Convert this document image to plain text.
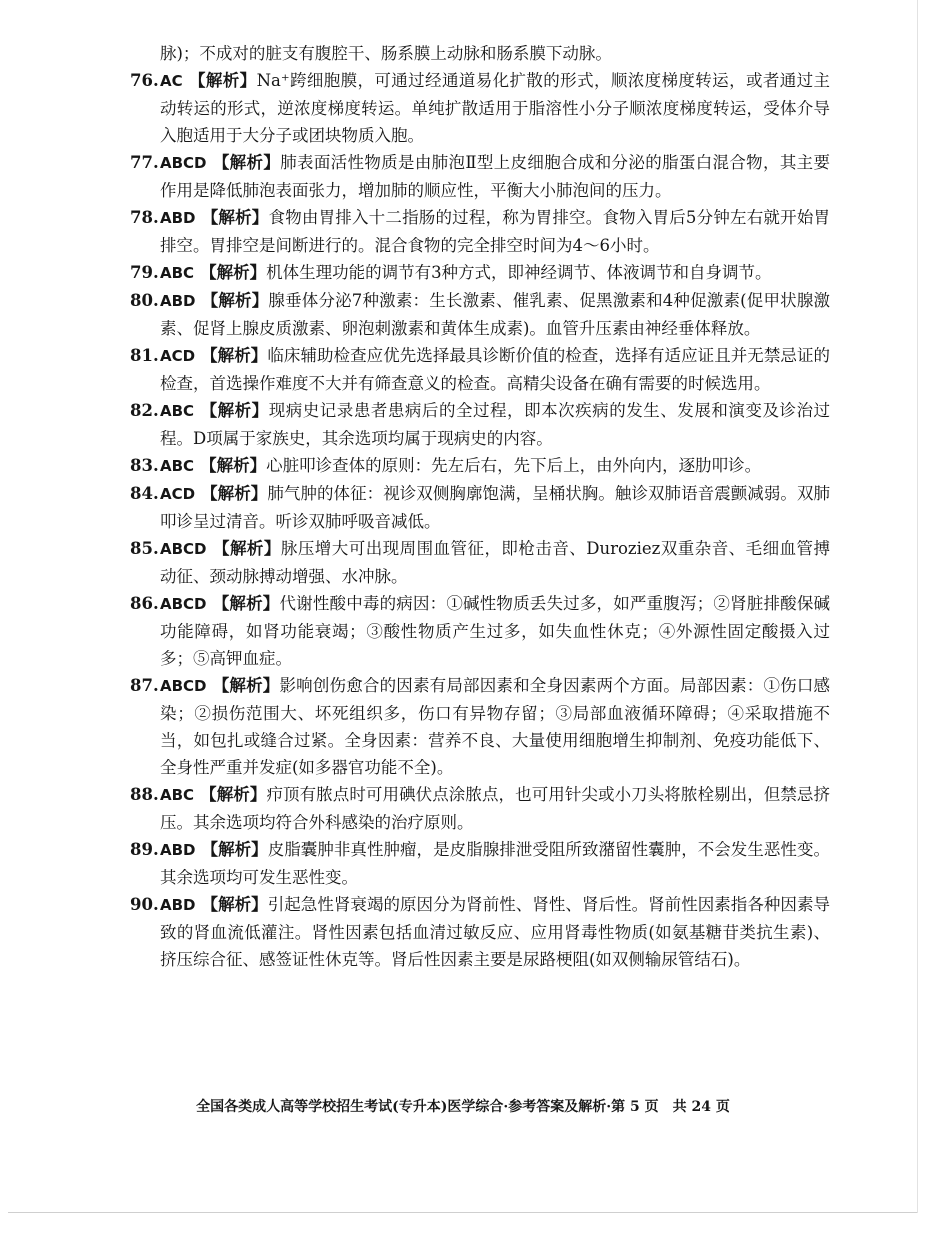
脉)；不成对的脏支有腹腔干、肠系膜上动脉和肠系膜下动脉。

76. AC 【解析】Na⁺跨细胞膜，可通过经通道易化扩散的形式，顺浓度梯度转运，或者通过主动转运的形式，逆浓度梯度转运。单纯扩散适用于脂溶性小分子顺浓度梯度转运，受体介导入胞适用于大分子或团块物质入胞。
77. ABCD 【解析】肺表面活性物质是由肺泡Ⅱ型上皮细胞合成和分泌的脂蛋白混合物，其主要作用是降低肺泡表面张力，增加肺的顺应性，平衡大小肺泡间的压力。
78. ABD 【解析】食物由胃排入十二指肠的过程，称为胃排空。食物入胃后5分钟左右就开始胃排空。胃排空是间断进行的。混合食物的完全排空时间为4～6小时。
79. ABC 【解析】机体生理功能的调节有3种方式，即神经调节、体液调节和自身调节。
80. ABD 【解析】腺垂体分泌7种激素：生长激素、催乳素、促黑激素和4种促激素(促甲状腺激素、促肾上腺皮质激素、卵泡刺激素和黄体生成素)。血管升压素由神经垂体释放。
81. ACD 【解析】临床辅助检查应优先选择最具诊断价值的检查，选择有适应证且并无禁忌证的检查，首选操作难度不大并有筛查意义的检查。高精尖设备在确有需要的时候选用。
82. ABC 【解析】现病史记录患者患病后的全过程，即本次疾病的发生、发展和演变及诊治过程。D项属于家族史，其余选项均属于现病史的内容。
83. ABC 【解析】心脏叩诊查体的原则：先左后右，先下后上，由外向内，逐肋叩诊。
84. ACD 【解析】肺气肿的体征：视诊双侧胸廓饱满，呈桶状胸。触诊双肺语音震颤减弱。双肺叩诊呈过清音。听诊双肺呼吸音减低。
85. ABCD 【解析】脉压增大可出现周围血管征，即枪击音、Duroziez双重杂音、毛细血管搏动征、颈动脉搏动增强、水冲脉。
86. ABCD 【解析】代谢性酸中毒的病因：①碱性物质丢失过多，如严重腹泻；②肾脏排酸保碱功能障碍，如肾功能衰竭；③酸性物质产生过多，如失血性休克；④外源性固定酸摄入过多；⑤高钾血症。
87. ABCD 【解析】影响创伤愈合的因素有局部因素和全身因素两个方面。局部因素：①伤口感染；②损伤范围大、坏死组织多，伤口有异物存留；③局部血液循环障碍；④采取措施不当，如包扎或缝合过紧。全身因素：营养不良、大量使用细胞增生抑制剂、免疫功能低下、全身性严重并发症(如多器官功能不全)。
88. ABC 【解析】疖顶有脓点时可用碘伏点涂脓点，也可用针尖或小刀头将脓栓剔出，但禁忌挤压。其余选项均符合外科感染的治疗原则。
89. ABD 【解析】皮脂囊肿非真性肿瘤，是皮脂腺排泄受阻所致潴留性囊肿，不会发生恶性变。其余选项均可发生恶性变。
90. ABD 【解析】引起急性肾衰竭的原因分为肾前性、肾性、肾后性。肾前性因素指各种因素导致的肾血流低灌注。肾性因素包括血清过敏反应、应用肾毒性物质(如氨基糖苷类抗生素)、挤压综合征、感签证性休克等。肾后性因素主要是尿路梗阻(如双侧输尿管结石)。
全国各类成人高等学校招生考试(专升本)医学综合·参考答案及解析·第 5 页　共 24 页
